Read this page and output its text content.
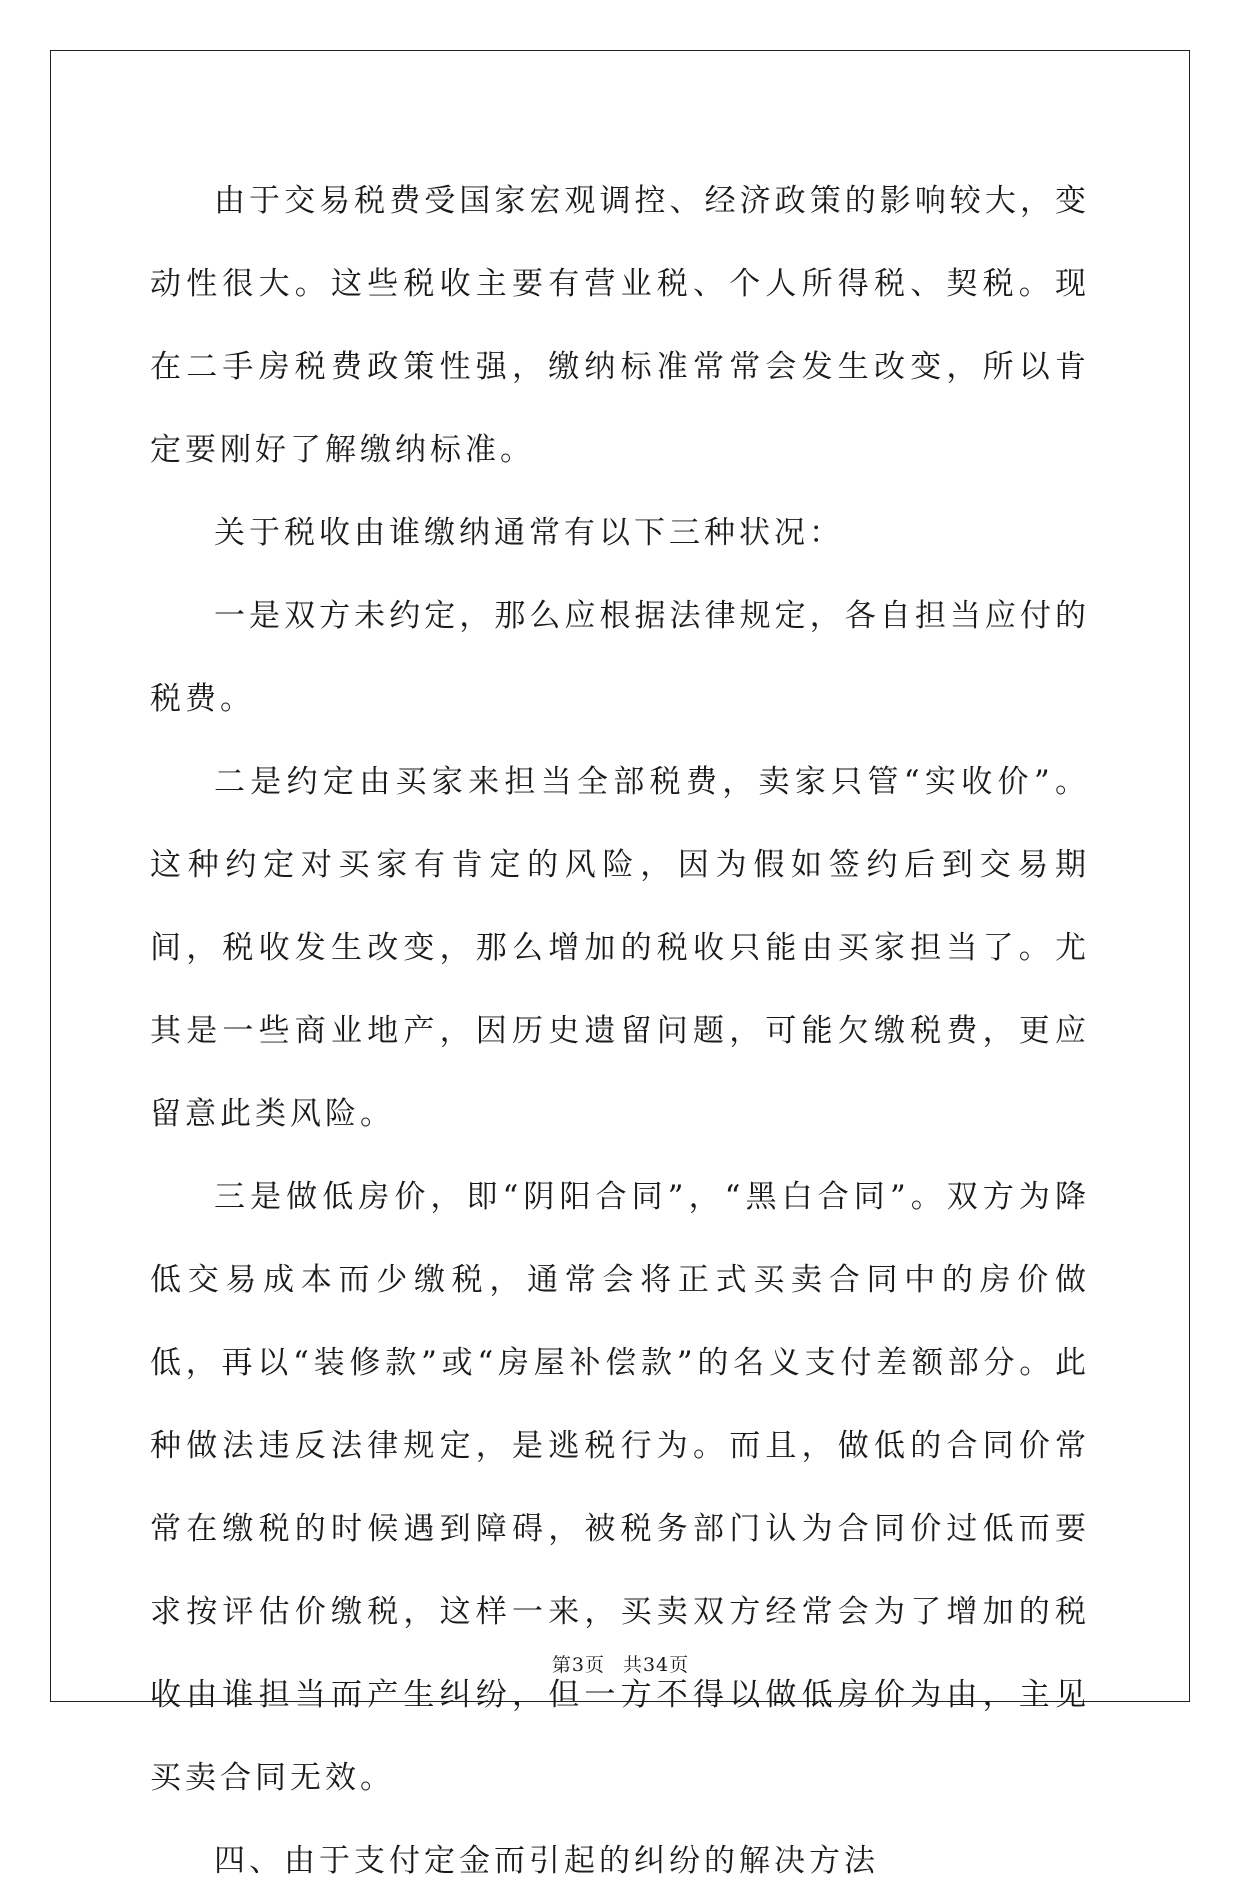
由于交易税费受国家宏观调控、经济政策的影响较大，变动性很大。这些税收主要有营业税、个人所得税、契税。现在二手房税费政策性强，缴纳标准常常会发生改变，所以肯定要刚好了解缴纳标准。

关于税收由谁缴纳通常有以下三种状况：

一是双方未约定，那么应根据法律规定，各自担当应付的税费。

二是约定由买家来担当全部税费，卖家只管“实收价”。这种约定对买家有肯定的风险，因为假如签约后到交易期间，税收发生改变，那么增加的税收只能由买家担当了。尤其是一些商业地产，因历史遗留问题，可能欠缴税费，更应留意此类风险。

三是做低房价，即“阴阳合同”，“黑白合同”。双方为降低交易成本而少缴税，通常会将正式买卖合同中的房价做低，再以“装修款”或“房屋补偿款”的名义支付差额部分。此种做法违反法律规定，是逃税行为。而且，做低的合同价常常在缴税的时候遇到障碍，被税务部门认为合同价过低而要求按评估价缴税，这样一来，买卖双方经常会为了增加的税收由谁担当而产生纠纷，但一方不得以做低房价为由，主见买卖合同无效。

四、由于支付定金而引起的纠纷的解决方法

第3页 共34页
